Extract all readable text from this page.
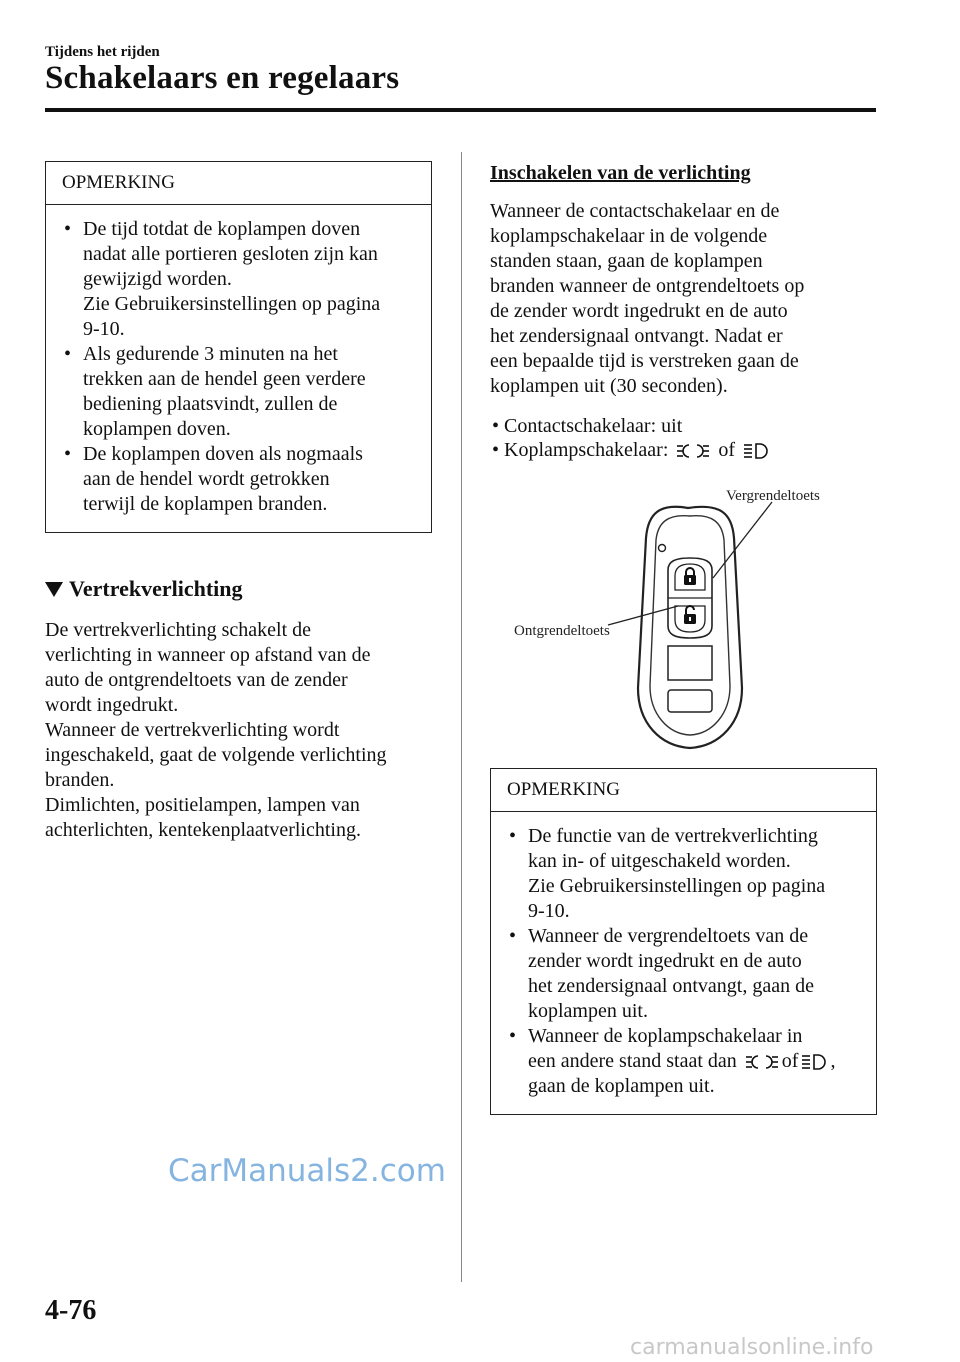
Tijdens het rijden
Schakelaars en regelaars
OPMERKING
• De tijd totdat de koplampen doven
nadat alle portieren gesloten zijn kan
gewijzigd worden.
Zie Gebruikersinstellingen op pagina
9-10.
• Als gedurende 3 minuten na het
trekken aan de hendel geen verdere
bediening plaatsvindt, zullen de
koplampen doven.
• De koplampen doven als nogmaals
aan de hendel wordt getrokken
terwijl de koplampen branden.
Vertrekverlichting
De vertrekverlichting schakelt de
verlichting in wanneer op afstand van de
auto de ontgrendeltoets van de zender
wordt ingedrukt.
Wanneer de vertrekverlichting wordt
ingeschakeld, gaat de volgende verlichting
branden.
Dimlichten, positielampen, lampen van
achterlichten, kentekenplaatverlichting.
Inschakelen van de verlichting
Wanneer de contactschakelaar en de
koplampschakelaar in de volgende
standen staan, gaan de koplampen
branden wanneer de ontgrendeltoets op
de zender wordt ingedrukt en de auto
het zendersignaal ontvangt. Nadat er
een bepaalde tijd is verstreken gaan de
koplampen uit (30 seconden).
• Contactschakelaar: uit
• Koplampschakelaar:	of
Vergrendeltoets
Ontgrendeltoets
OPMERKING
• De functie van de vertrekverlichting
kan in- of uitgeschakeld worden.
Zie Gebruikersinstellingen op pagina
9-10.
• Wanneer de vergrendeltoets van de
zender wordt ingedrukt en de auto
het zendersignaal ontvangt, gaan de
koplampen uit.
• Wanneer de koplampschakelaar in
een andere stand staat dan of ,
gaan de koplampen uit.
CarManuals2.com
4-76
carmanualsonline.info
